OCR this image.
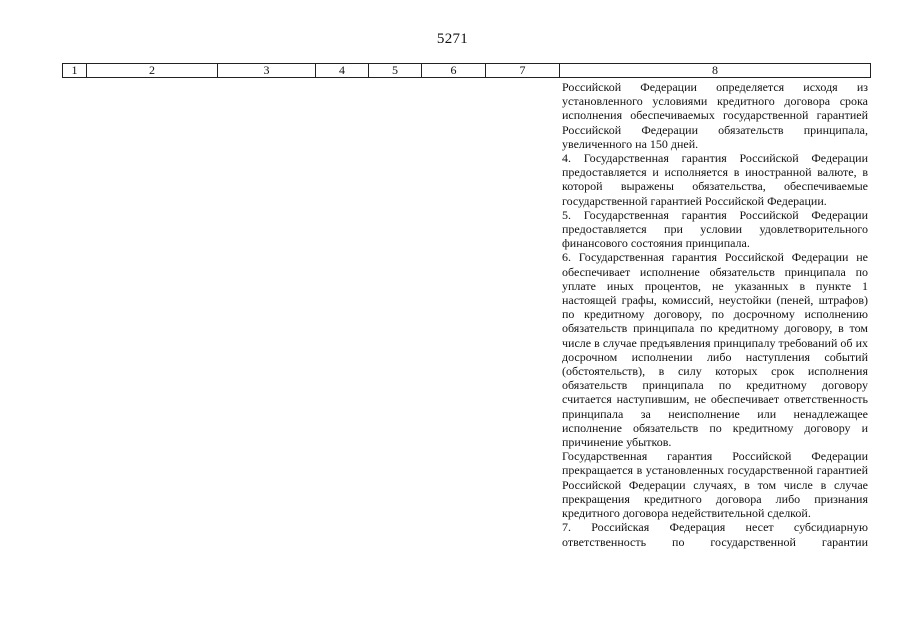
5271
1	2	3	4	5	6	7	8

Российской Федерации определяется исходя из установленного условиями кредитного договора срока исполнения обеспечиваемых государственной гарантией Российской Федерации обязательств принципала, увеличенного на 150 дней.

4. Государственная гарантия Российской Федерации предоставляется и исполняется в иностранной валюте, в которой выражены обязательства, обеспечиваемые государственной гарантией Российской Федерации.

5. Государственная гарантия Российской Федерации предоставляется при условии удовлетворительного финансового состояния принципала.

6. Государственная гарантия Российской Федерации не обеспечивает исполнение обязательств принципала по уплате иных процентов, не указанных в пункте 1 настоящей графы, комиссий, неустойки (пеней, штрафов) по кредитному договору, по досрочному исполнению обязательств принципала по кредитному договору, в том числе в случае предъявления принципалу требований об их досрочном исполнении либо наступления событий (обстоятельств), в силу которых срок исполнения обязательств принципала по кредитному договору считается наступившим, не обеспечивает ответственность принципала за неисполнение или ненадлежащее исполнение обязательств по кредитному договору и причинение убытков.

Государственная гарантия Российской Федерации прекращается в установленных государственной гарантией Российской Федерации случаях, в том числе в случае прекращения кредитного договора либо признания кредитного договора недействительной сделкой.

7. Российская Федерация несет субсидиарную ответственность по государственной гарантии
